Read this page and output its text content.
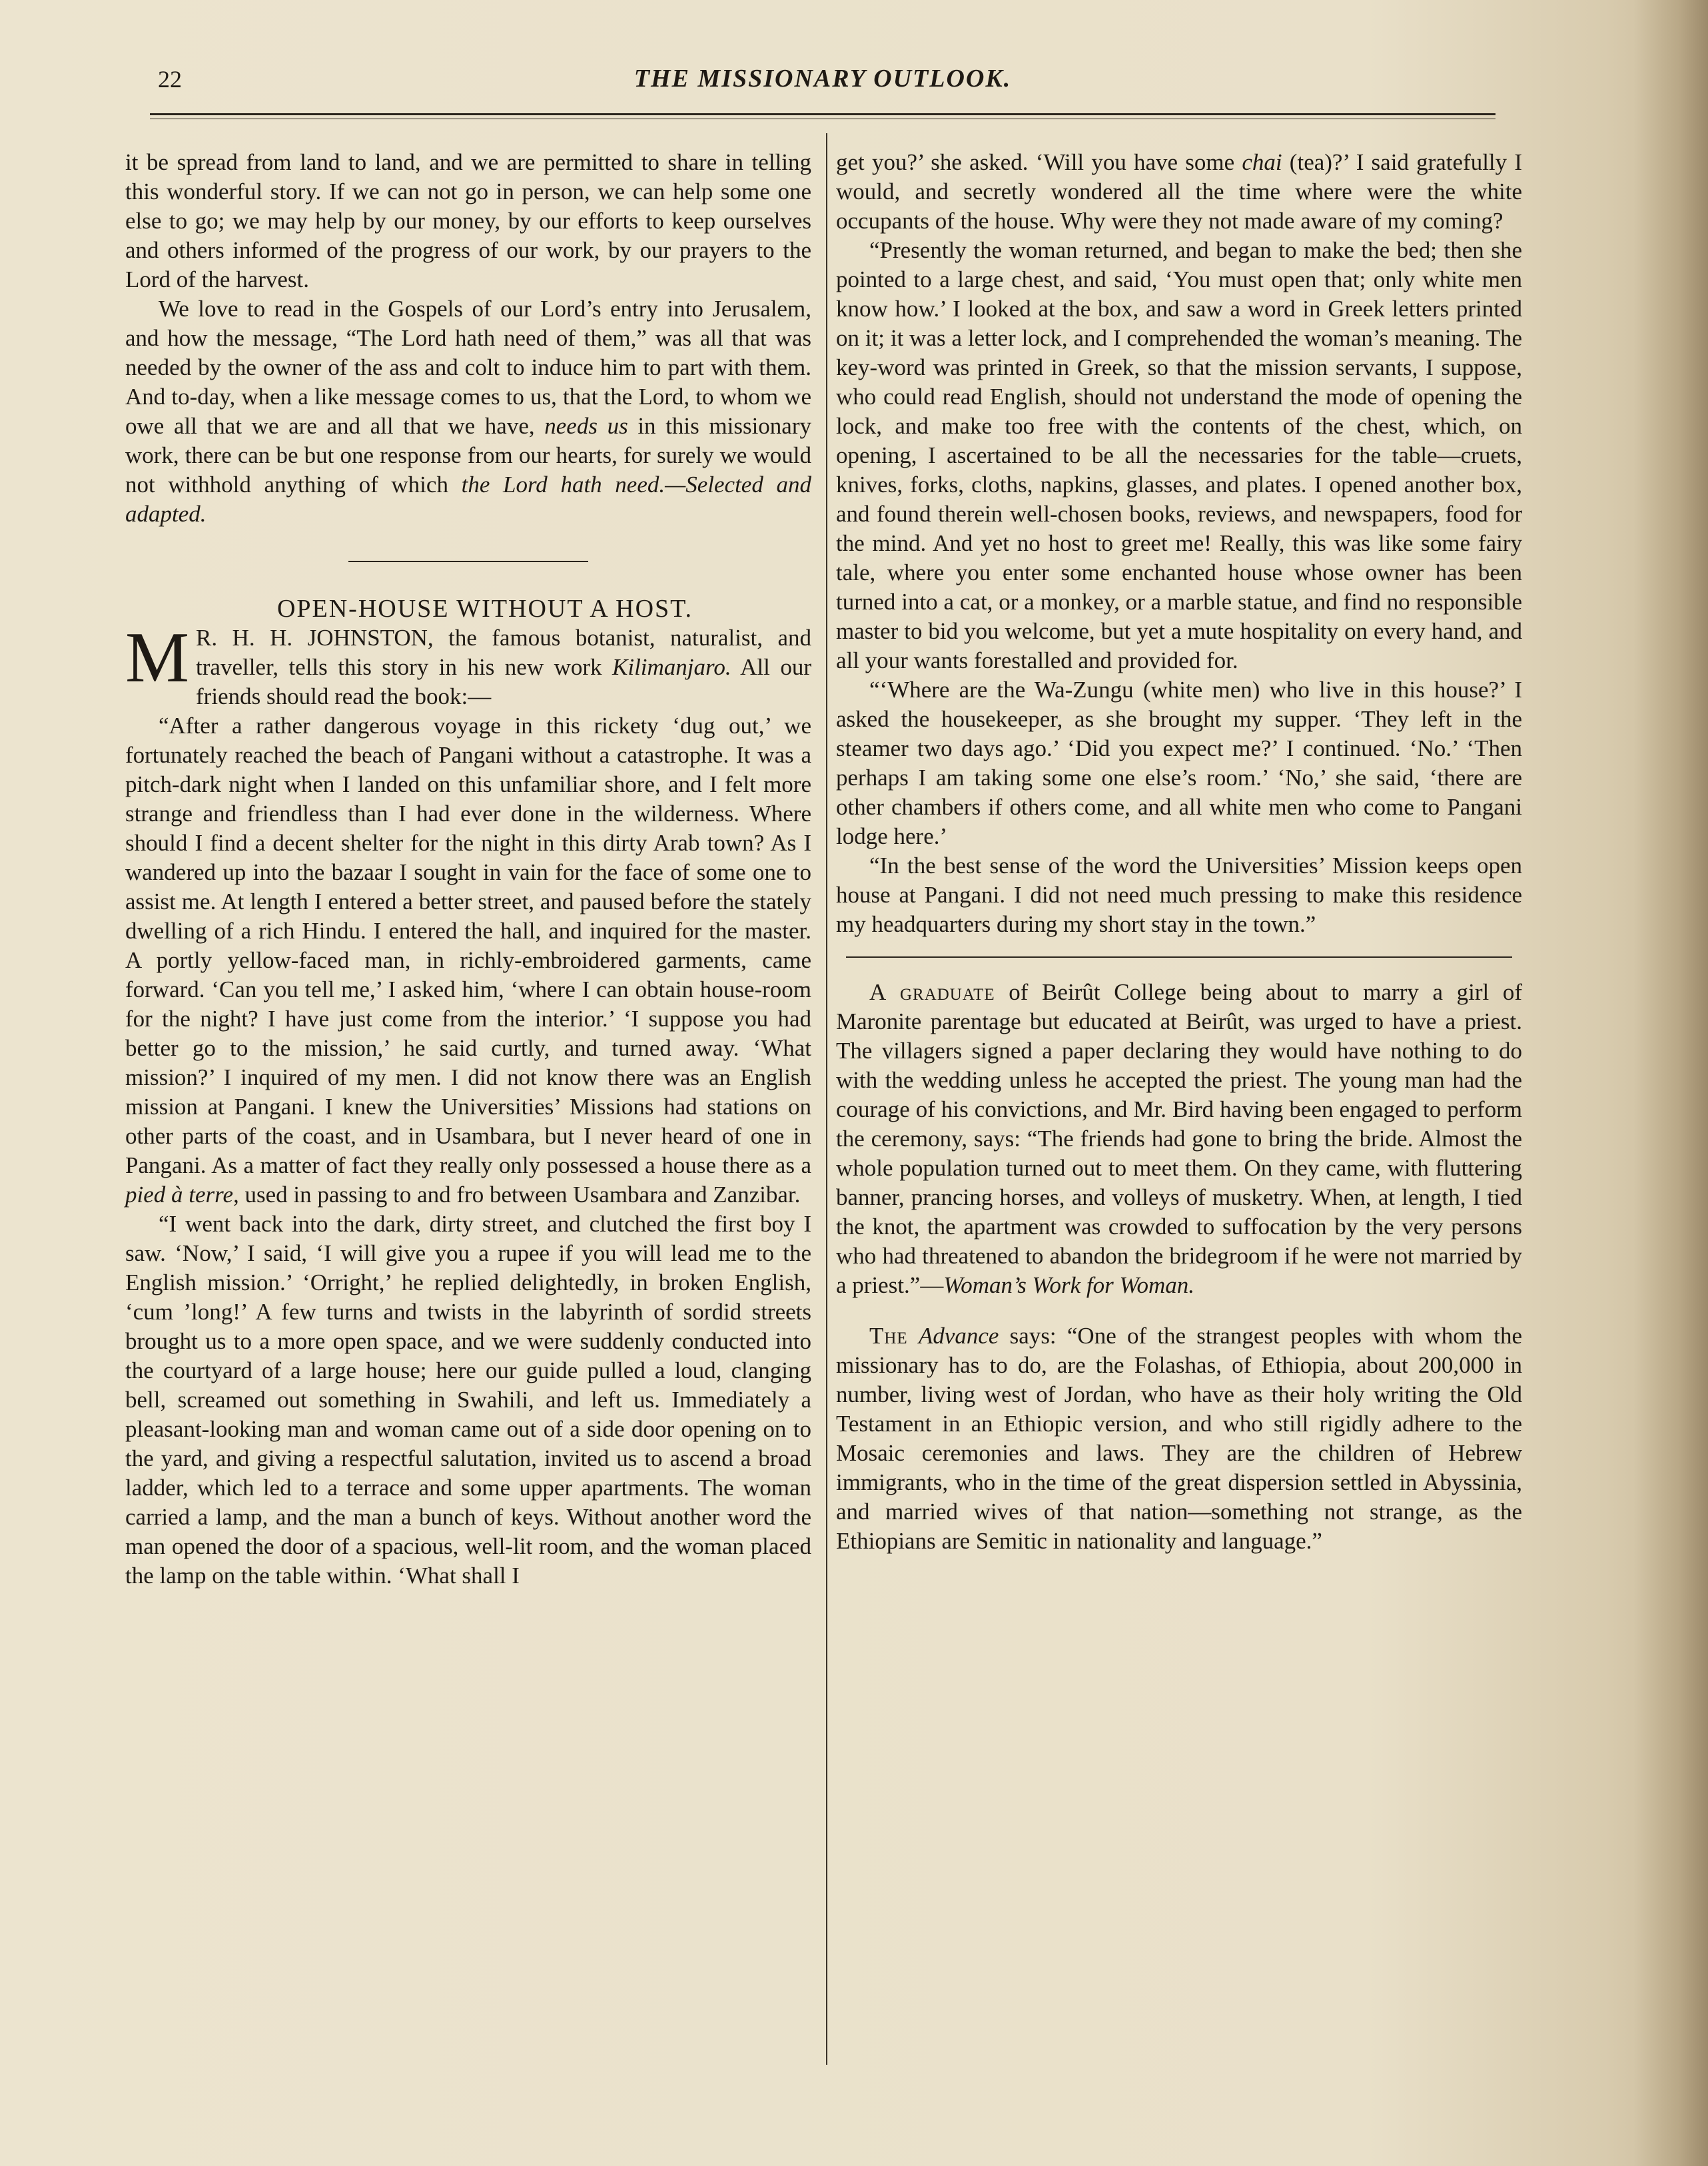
22	THE MISSIONARY OUTLOOK.

it be spread from land to land, and we are permitted to share in telling this wonderful story. If we can not go in person, we can help some one else to go; we may help by our money, by our efforts to keep ourselves and others informed of the progress of our work, by our prayers to the Lord of the harvest.

We love to read in the Gospels of our Lord’s entry into Jerusalem, and how the message, “The Lord hath need of them,” was all that was needed by the owner of the ass and colt to induce him to part with them. And to-day, when a like message comes to us, that the Lord, to whom we owe all that we are and all that we have, needs us in this missionary work, there can be but one response from our hearts, for surely we would not withhold anything of which the Lord hath need.—Selected and adapted.

OPEN-HOUSE WITHOUT A HOST.

M R. H. H. JOHNSTON, the famous botanist, naturalist, and traveller, tells this story in his new work Kilimanjaro. All our friends should read the book:—

“After a rather dangerous voyage in this rickety ‘dug out,’ we fortunately reached the beach of Pangani without a catastrophe. It was a pitch-dark night when I landed on this unfamiliar shore, and I felt more strange and friendless than I had ever done in the wilderness. Where should I find a decent shelter for the night in this dirty Arab town? As I wandered up into the bazaar I sought in vain for the face of some one to assist me. At length I entered a better street, and paused before the stately dwelling of a rich Hindu. I entered the hall, and inquired for the master. A portly yellow-faced man, in richly-embroidered garments, came forward. ‘Can you tell me,’ I asked him, ‘where I can obtain house-room for the night? I have just come from the interior.’ ‘I suppose you had better go to the mission,’ he said curtly, and turned away. ‘What mission?’ I inquired of my men. I did not know there was an English mission at Pangani. I knew the Universities’ Missions had stations on other parts of the coast, and in Usambara, but I never heard of one in Pangani. As a matter of fact they really only possessed a house there as a pied à terre, used in passing to and fro between Usambara and Zanzibar.

“I went back into the dark, dirty street, and clutched the first boy I saw. ‘Now,’ I said, ‘I will give you a rupee if you will lead me to the English mission.’ ‘Orright,’ he replied delightedly, in broken English, ‘cum ’long!’ A few turns and twists in the labyrinth of sordid streets brought us to a more open space, and we were suddenly conducted into the courtyard of a large house; here our guide pulled a loud, clanging bell, screamed out something in Swahili, and left us. Immediately a pleasant-looking man and woman came out of a side door opening on to the yard, and giving a respectful salutation, invited us to ascend a broad ladder, which led to a terrace and some upper apartments. The woman carried a lamp, and the man a bunch of keys. Without another word the man opened the door of a spacious, well-lit room, and the woman placed the lamp on the table within. ‘What shall I

get you?’ she asked. ‘Will you have some chai (tea)?’ I said gratefully I would, and secretly wondered all the time where were the white occupants of the house. Why were they not made aware of my coming?

“Presently the woman returned, and began to make the bed; then she pointed to a large chest, and said, ‘You must open that; only white men know how.’ I looked at the box, and saw a word in Greek letters printed on it; it was a letter lock, and I comprehended the woman’s meaning. The key-word was printed in Greek, so that the mission servants, I suppose, who could read English, should not understand the mode of opening the lock, and make too free with the contents of the chest, which, on opening, I ascertained to be all the necessaries for the table—cruets, knives, forks, cloths, napkins, glasses, and plates. I opened another box, and found therein well-chosen books, reviews, and newspapers, food for the mind. And yet no host to greet me! Really, this was like some fairy tale, where you enter some enchanted house whose owner has been turned into a cat, or a monkey, or a marble statue, and find no responsible master to bid you welcome, but yet a mute hospitality on every hand, and all your wants forestalled and provided for.

“‘Where are the Wa-Zungu (white men) who live in this house?’ I asked the housekeeper, as she brought my supper. ‘They left in the steamer two days ago.’ ‘Did you expect me?’ I continued. ‘No.’ ‘Then perhaps I am taking some one else’s room.’ ‘No,’ she said, ‘there are other chambers if others come, and all white men who come to Pangani lodge here.’

“In the best sense of the word the Universities’ Mission keeps open house at Pangani. I did not need much pressing to make this residence my headquarters during my short stay in the town.”

A graduate of Beirût College being about to marry a girl of Maronite parentage but educated at Beirût, was urged to have a priest. The villagers signed a paper declaring they would have nothing to do with the wedding unless he accepted the priest. The young man had the courage of his convictions, and Mr. Bird having been engaged to perform the ceremony, says: “The friends had gone to bring the bride. Almost the whole population turned out to meet them. On they came, with fluttering banner, prancing horses, and volleys of musketry. When, at length, I tied the knot, the apartment was crowded to suffocation by the very persons who had threatened to abandon the bridegroom if he were not married by a priest.”—Woman’s Work for Woman.

The Advance says: “One of the strangest peoples with whom the missionary has to do, are the Folashas, of Ethiopia, about 200,000 in number, living west of Jordan, who have as their holy writing the Old Testament in an Ethiopic version, and who still rigidly adhere to the Mosaic ceremonies and laws. They are the children of Hebrew immigrants, who in the time of the great dispersion settled in Abyssinia, and married wives of that nation—something not strange, as the Ethiopians are Semitic in nationality and language.”
